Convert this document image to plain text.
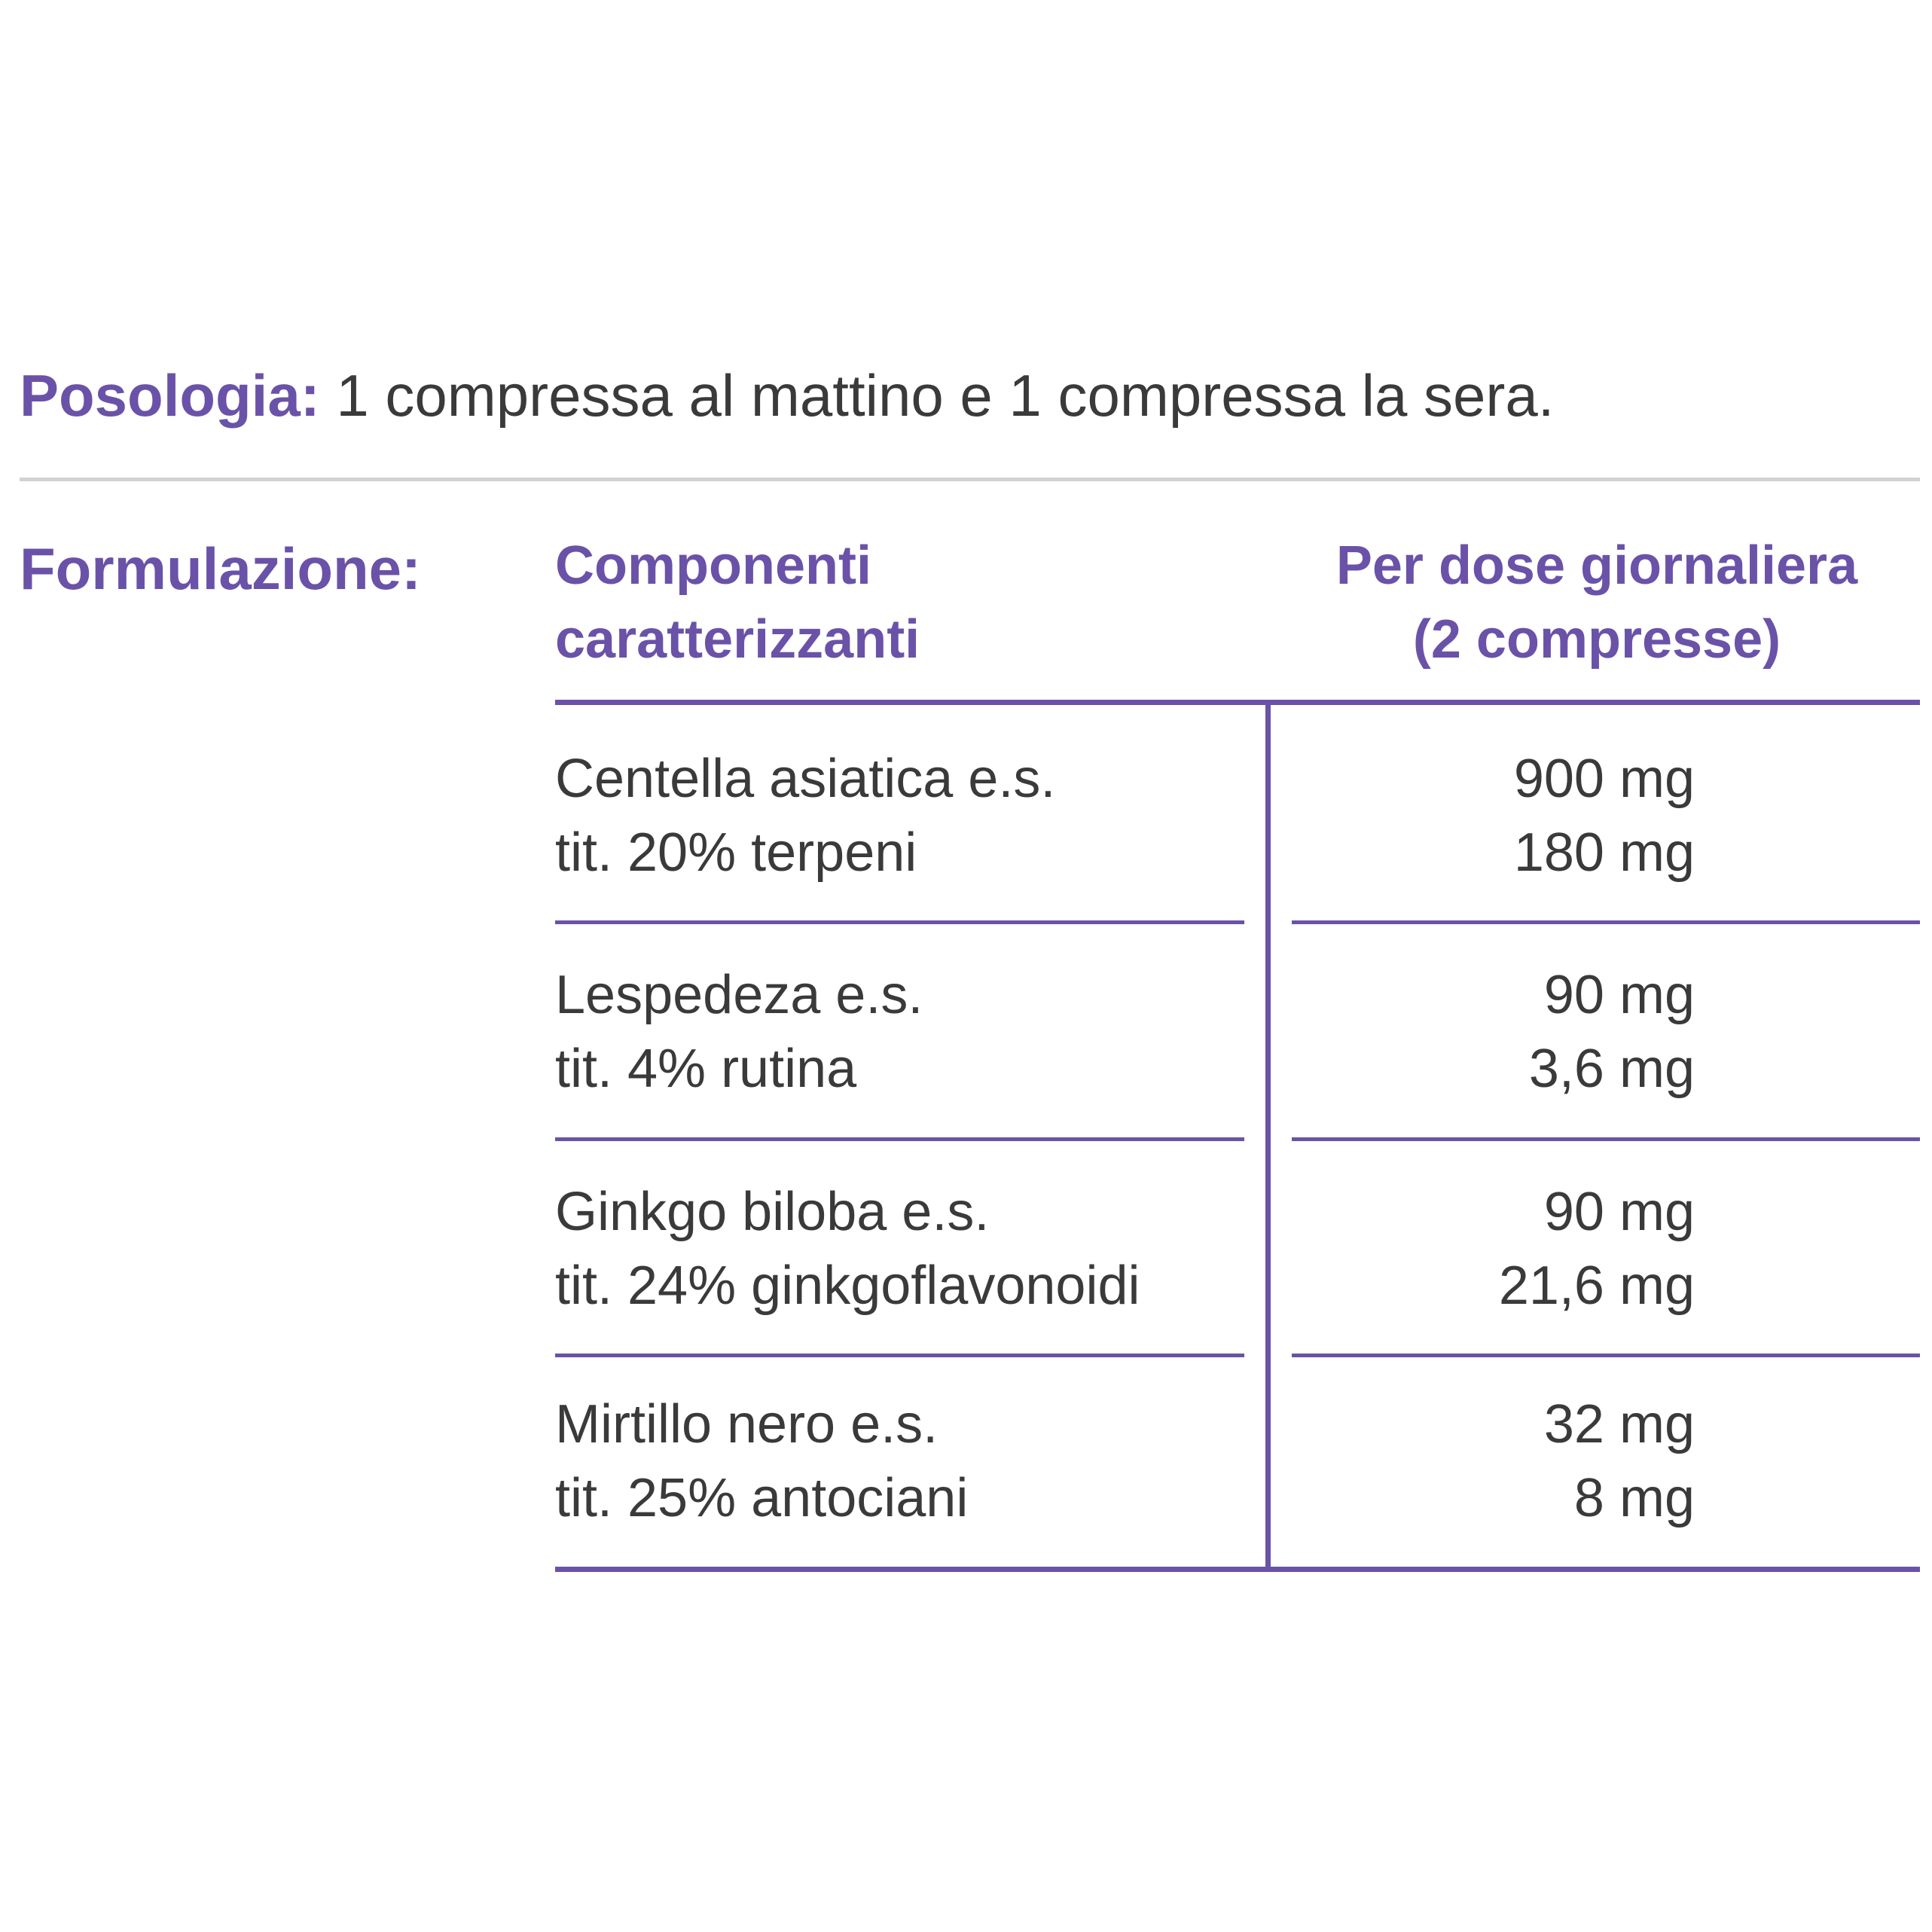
Posologia: 1 compressa al mattino e 1 compressa la sera.
Formulazione: Componenti
caratterizzanti
Per dose giornaliera
(2 compresse)
Centella asiatica e.s.
tit. 20% terpeni
900 mg
180 mg
Lespedeza e.s.
tit. 4% rutina
90 mg
3,6 mg
Ginkgo biloba e.s.
tit. 24% ginkgoflavonoidi
90 mg
21,6 mg
Mirtillo nero e.s.
tit. 25% antociani
32 mg
8 mg
